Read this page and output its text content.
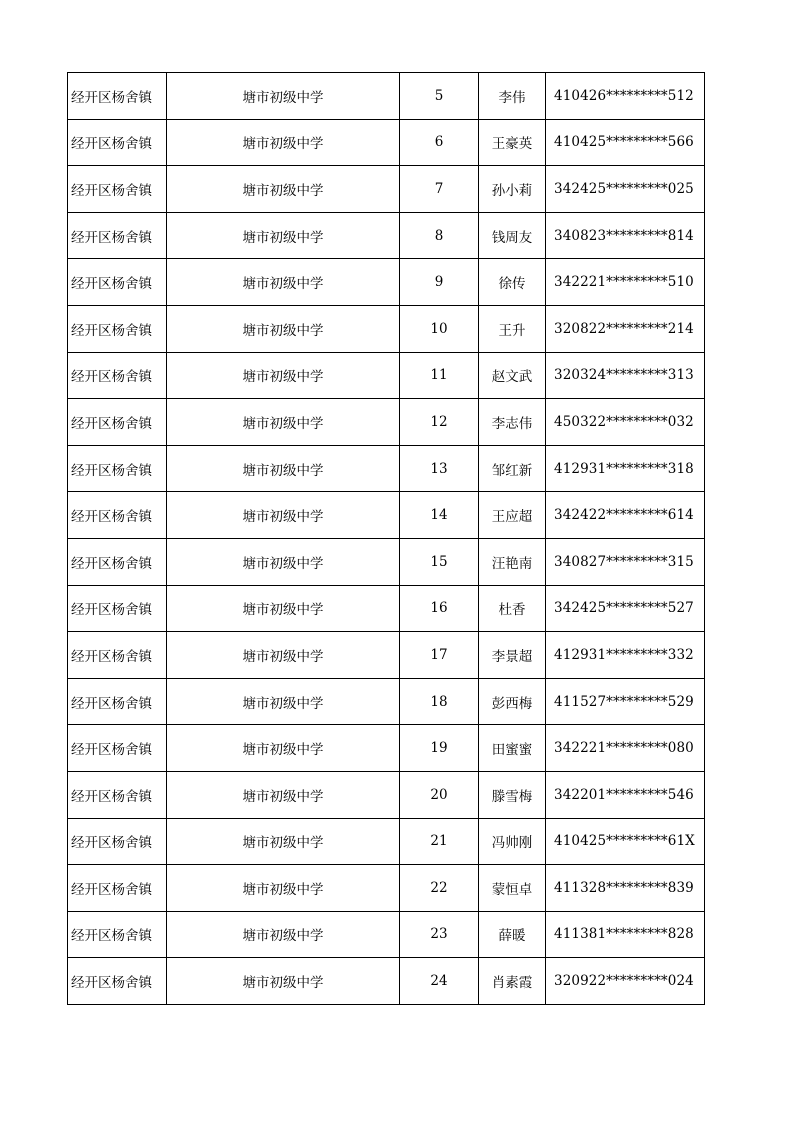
经开区杨舍镇	塘市初级中学	5	李伟	410426*********512
经开区杨舍镇	塘市初级中学	6	王豪英	410425*********566
经开区杨舍镇	塘市初级中学	7	孙小莉	342425*********025
经开区杨舍镇	塘市初级中学	8	钱周友	340823*********814
经开区杨舍镇	塘市初级中学	9	徐传	342221*********510
经开区杨舍镇	塘市初级中学	10	王升	320822*********214
经开区杨舍镇	塘市初级中学	11	赵文武	320324*********313
经开区杨舍镇	塘市初级中学	12	李志伟	450322*********032
经开区杨舍镇	塘市初级中学	13	邹红新	412931*********318
经开区杨舍镇	塘市初级中学	14	王应超	342422*********614
经开区杨舍镇	塘市初级中学	15	汪艳南	340827*********315
经开区杨舍镇	塘市初级中学	16	杜香	342425*********527
经开区杨舍镇	塘市初级中学	17	李景超	412931*********332
经开区杨舍镇	塘市初级中学	18	彭西梅	411527*********529
经开区杨舍镇	塘市初级中学	19	田蜜蜜	342221*********080
经开区杨舍镇	塘市初级中学	20	滕雪梅	342201*********546
经开区杨舍镇	塘市初级中学	21	冯帅刚	410425*********61X
经开区杨舍镇	塘市初级中学	22	蒙恒卓	411328*********839
经开区杨舍镇	塘市初级中学	23	薛暖	411381*********828
经开区杨舍镇	塘市初级中学	24	肖素霞	320922*********024
